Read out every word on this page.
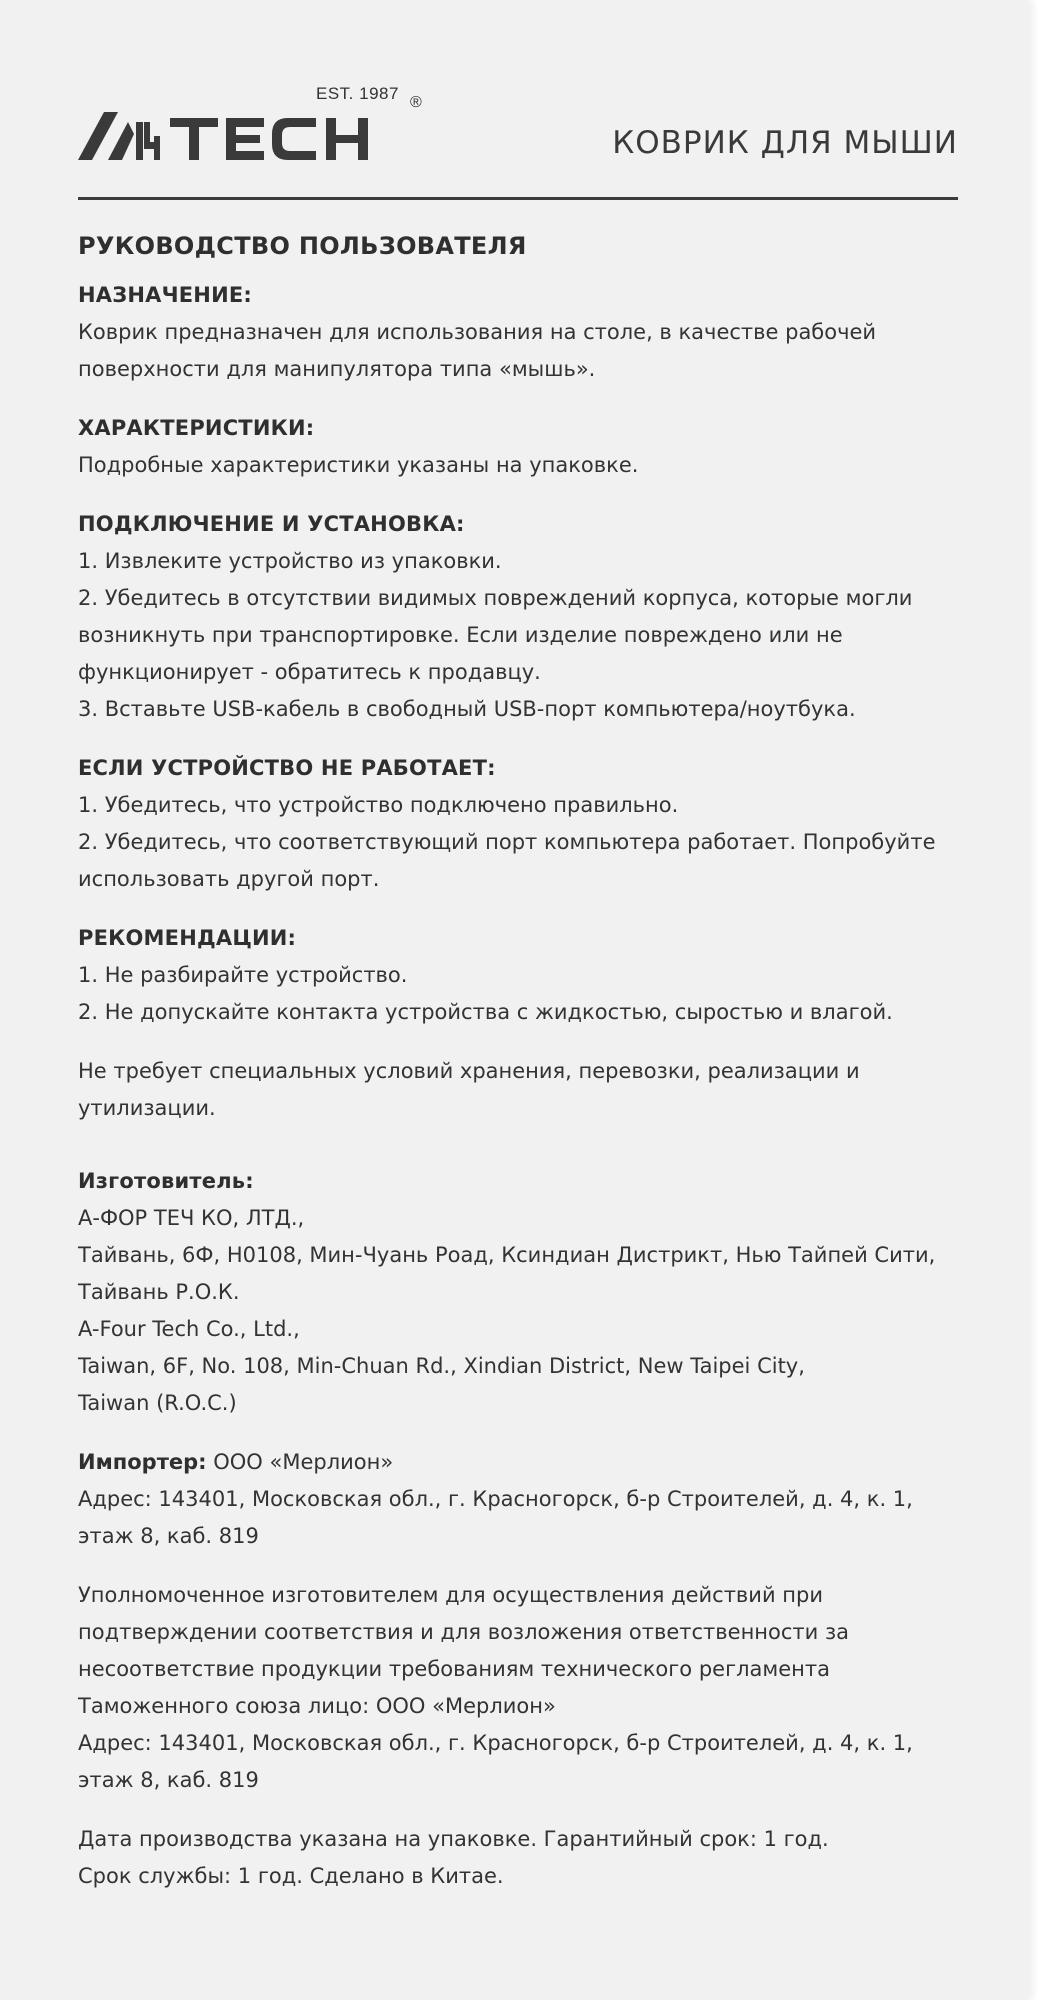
EST. 1987 ®
КОВРИК ДЛЯ МЫШИ
РУКОВОДСТВО ПОЛЬЗОВАТЕЛЯ
НАЗНАЧЕНИЕ:
Коврик предназначен для использования на столе, в качестве рабочей
поверхности для манипулятора типа «мышь».
ХАРАКТЕРИСТИКИ:
Подробные характеристики указаны на упаковке.
ПОДКЛЮЧЕНИЕ И УСТАНОВКА:
1. Извлеките устройство из упаковки.
2. Убедитесь в отсутствии видимых повреждений корпуса, которые могли
возникнуть при транспортировке. Если изделие повреждено или не
функционирует - обратитесь к продавцу.
3. Вставьте USB-кабель в свободный USB-порт компьютера/ноутбука.
ЕСЛИ УСТРОЙСТВО НЕ РАБОТАЕТ:
1. Убедитесь, что устройство подключено правильно.
2. Убедитесь, что соответствующий порт компьютера работает. Попробуйте
использовать другой порт.
РЕКОМЕНДАЦИИ:
1. Не разбирайте устройство.
2. Не допускайте контакта устройства с жидкостью, сыростью и влагой.
Не требует специальных условий хранения, перевозки, реализации и
утилизации.
Изготовитель:
А-ФОР ТЕЧ КО, ЛТД.,
Тайвань, 6Ф, Н0108, Мин-Чуань Роад, Ксиндиан Дистрикт, Нью Тайпей Сити,
Тайвань Р.О.К.
A-Four Tech Co., Ltd.,
Taiwan, 6F, No. 108, Min-Chuan Rd., Xindian District, New Taipei City,
Taiwan (R.O.C.)
Импортер: ООО «Мерлион»
Адрес: 143401, Московская обл., г. Красногорск, б-р Строителей, д. 4, к. 1,
этаж 8, каб. 819
Уполномоченное изготовителем для осуществления действий при
подтверждении соответствия и для возложения ответственности за
несоответствие продукции требованиям технического регламента
Таможенного союза лицо: ООО «Мерлион»
Адрес: 143401, Московская обл., г. Красногорск, б-р Строителей, д. 4, к. 1,
этаж 8, каб. 819
Дата производства указана на упаковке. Гарантийный срок: 1 год.
Срок службы: 1 год. Сделано в Китае.
